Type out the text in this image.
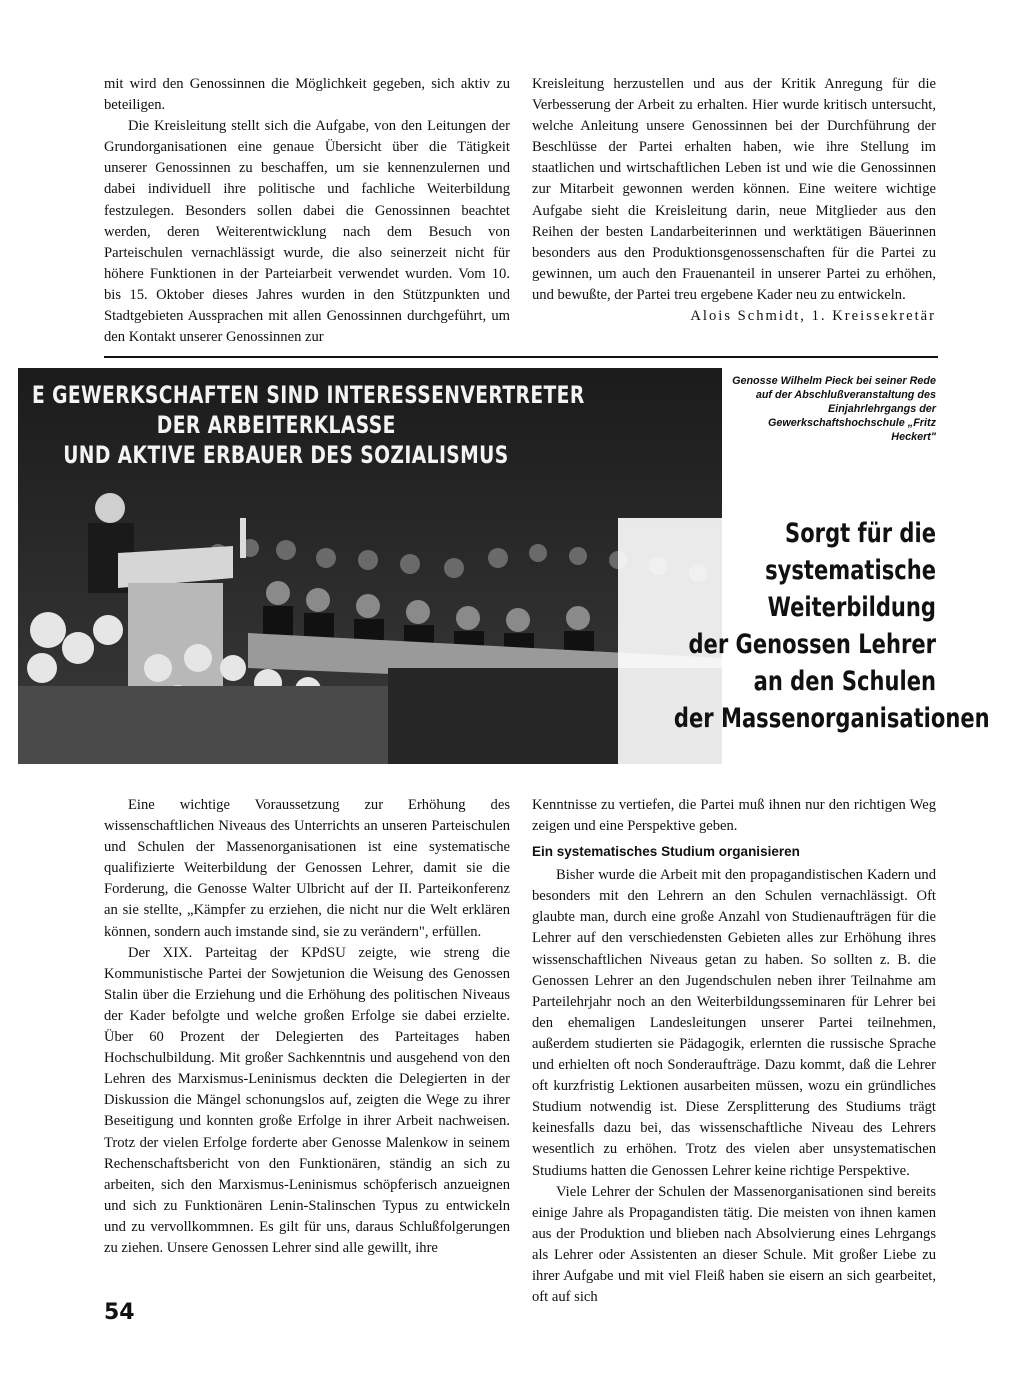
mit wird den Genossinnen die Möglichkeit gegeben, sich aktiv zu beteiligen.

Die Kreisleitung stellt sich die Aufgabe, von den Leitungen der Grundorganisationen eine genaue Übersicht über die Tätigkeit unserer Genossinnen zu beschaffen, um sie kennenzulernen und dabei individuell ihre politische und fachliche Weiterbildung festzulegen. Besonders sollen dabei die Genossinnen beachtet werden, deren Weiterentwicklung nach dem Besuch von Parteischulen vernachlässigt wurde, die also seinerzeit nicht für höhere Funktionen in der Parteiarbeit verwendet wurden. Vom 10. bis 15. Oktober dieses Jahres wurden in den Stützpunkten und Stadtgebieten Aussprachen mit allen Genossinnen durchgeführt, um den Kontakt unserer Genossinnen zur

Kreisleitung herzustellen und aus der Kritik Anregung für die Verbesserung der Arbeit zu erhalten. Hier wurde kritisch untersucht, welche Anleitung unsere Genossinnen bei der Durchführung der Beschlüsse der Partei erhalten haben, wie ihre Stellung im staatlichen und wirtschaftlichen Leben ist und wie die Genossinnen zur Mitarbeit gewonnen werden können. Eine weitere wichtige Aufgabe sieht die Kreisleitung darin, neue Mitglieder aus den Reihen der besten Landarbeiterinnen und werktätigen Bäuerinnen besonders aus den Produktionsgenossenschaften für die Partei zu gewinnen, um auch den Frauenanteil in unserer Partei zu erhöhen, und bewußte, der Partei treu ergebene Kader neu zu entwickeln.

Alois Schmidt, 1. Kreissekretär

E GEWERKSCHAFTEN SIND INTERESSENVERTRETER
DER ARBEITERKLASSE
UND AKTIVE ERBAUER DES SOZIALISMUS
Genosse Wilhelm Pieck bei seiner Rede auf der Abschlußveranstaltung des Einjahrlehrgangs der Gewerkschaftshochschule „Fritz Heckert"
Sorgt für die
systematische
Weiterbildung
der Genossen Lehrer
an den Schulen
der Massenorganisationen

Eine wichtige Voraussetzung zur Erhöhung des wissenschaftlichen Niveaus des Unterrichts an unseren Parteischulen und Schulen der Massenorganisationen ist eine systematische qualifizierte Weiterbildung der Genossen Lehrer, damit sie die Forderung, die Genosse Walter Ulbricht auf der II. Parteikonferenz an sie stellte, „Kämpfer zu erziehen, die nicht nur die Welt erklären können, sondern auch imstande sind, sie zu verändern", erfüllen.

Der XIX. Parteitag der KPdSU zeigte, wie streng die Kommunistische Partei der Sowjetunion die Weisung des Genossen Stalin über die Erziehung und die Erhöhung des politischen Niveaus der Kader befolgte und welche großen Erfolge sie dabei erzielte. Über 60 Prozent der Delegierten des Parteitages haben Hochschulbildung. Mit großer Sachkenntnis und ausgehend von den Lehren des Marxismus-Leninismus deckten die Delegierten in der Diskussion die Mängel schonungslos auf, zeigten die Wege zu ihrer Beseitigung und konnten große Erfolge in ihrer Arbeit nachweisen. Trotz der vielen Erfolge forderte aber Genosse Malenkow in seinem Rechenschaftsbericht von den Funktionären, ständig an sich zu arbeiten, sich den Marxismus-Leninismus schöpferisch anzueignen und sich zu Funktionären Lenin-Stalinschen Typus zu entwickeln und zu vervollkommnen. Es gilt für uns, daraus Schlußfolgerungen zu ziehen. Unsere Genossen Lehrer sind alle gewillt, ihre

Kenntnisse zu vertiefen, die Partei muß ihnen nur den richtigen Weg zeigen und eine Perspektive geben.

Ein systematisches Studium organisieren

Bisher wurde die Arbeit mit den propagandistischen Kadern und besonders mit den Lehrern an den Schulen vernachlässigt. Oft glaubte man, durch eine große Anzahl von Studienaufträgen für die Lehrer auf den verschiedensten Gebieten alles zur Erhöhung ihres wissenschaftlichen Niveaus getan zu haben. So sollten z. B. die Genossen Lehrer an den Jugendschulen neben ihrer Teilnahme am Parteilehrjahr noch an den Weiterbildungsseminaren für Lehrer bei den ehemaligen Landesleitungen unserer Partei teilnehmen, außerdem studierten sie Pädagogik, erlernten die russische Sprache und erhielten oft noch Sonderaufträge. Dazu kommt, daß die Lehrer oft kurzfristig Lektionen ausarbeiten müssen, wozu ein gründliches Studium notwendig ist. Diese Zersplitterung des Studiums trägt keinesfalls dazu bei, das wissenschaftliche Niveau des Lehrers wesentlich zu erhöhen. Trotz des vielen aber unsystematischen Studiums hatten die Genossen Lehrer keine richtige Perspektive.

Viele Lehrer der Schulen der Massenorganisationen sind bereits einige Jahre als Propagandisten tätig. Die meisten von ihnen kamen aus der Produktion und blieben nach Absolvierung eines Lehrgangs als Lehrer oder Assistenten an dieser Schule. Mit großer Liebe zu ihrer Aufgabe und mit viel Fleiß haben sie eisern an sich gearbeitet, oft auf sich

54
